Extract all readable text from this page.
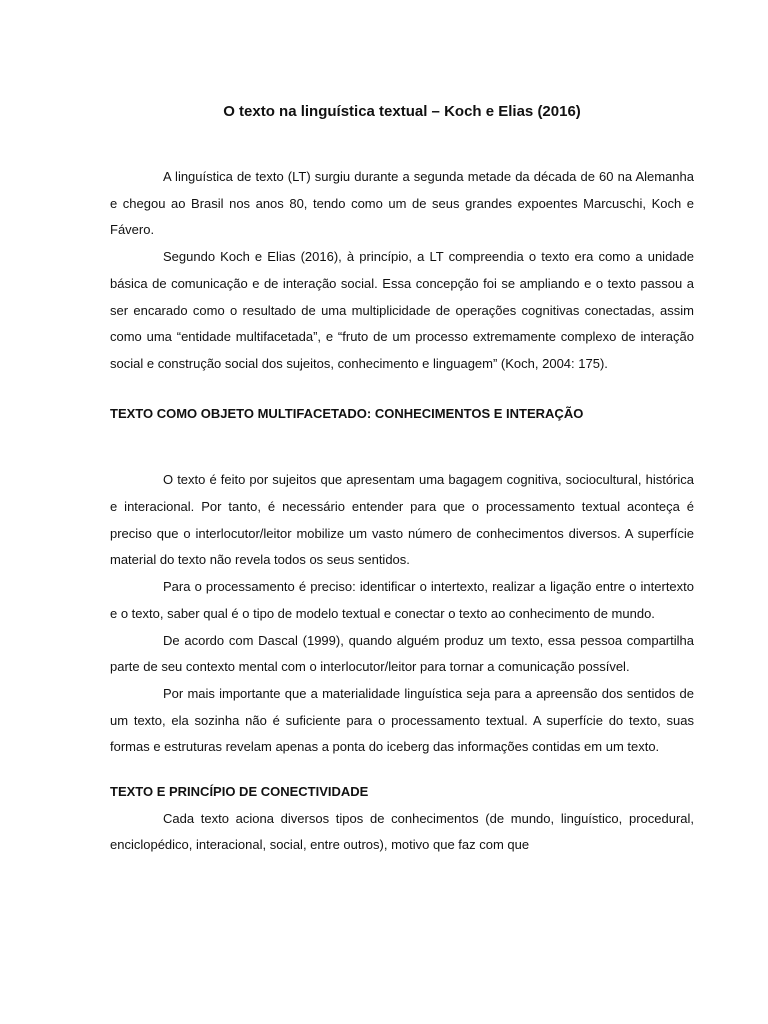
O texto na linguística textual – Koch e Elias (2016)

A linguística de texto (LT) surgiu durante a segunda metade da década de 60 na Alemanha e chegou ao Brasil nos anos 80, tendo como um de seus grandes expoentes Marcuschi, Koch e Fávero.

Segundo Koch e Elias (2016), à princípio, a LT compreendia o texto era como a unidade básica de comunicação e de interação social. Essa concepção foi se ampliando e o texto passou a ser encarado como o resultado de uma multiplicidade de operações cognitivas conectadas, assim como uma “entidade multifacetada”, e “fruto de um processo extremamente complexo de interação social e construção social dos sujeitos, conhecimento e linguagem” (Koch, 2004: 175).

TEXTO COMO OBJETO MULTIFACETADO: CONHECIMENTOS E INTERAÇÃO

O texto é feito por sujeitos que apresentam uma bagagem cognitiva, sociocultural, histórica e interacional. Por tanto, é necessário entender para que o processamento textual aconteça é preciso que o interlocutor/leitor mobilize um vasto número de conhecimentos diversos. A superfície material do texto não revela todos os seus sentidos.

Para o processamento é preciso: identificar o intertexto, realizar a ligação entre o intertexto e o texto, saber qual é o tipo de modelo textual e conectar o texto ao conhecimento de mundo.

De acordo com Dascal (1999), quando alguém produz um texto, essa pessoa compartilha parte de seu contexto mental com o interlocutor/leitor para tornar a comunicação possível.

Por mais importante que a materialidade linguística seja para a apreensão dos sentidos de um texto, ela sozinha não é suficiente para o processamento textual. A superfície do texto, suas formas e estruturas revelam apenas a ponta do iceberg das informações contidas em um texto.

TEXTO E PRINCÍPIO DE CONECTIVIDADE

Cada texto aciona diversos tipos de conhecimentos (de mundo, linguístico, procedural, enciclopédico, interacional, social, entre outros), motivo que faz com que
